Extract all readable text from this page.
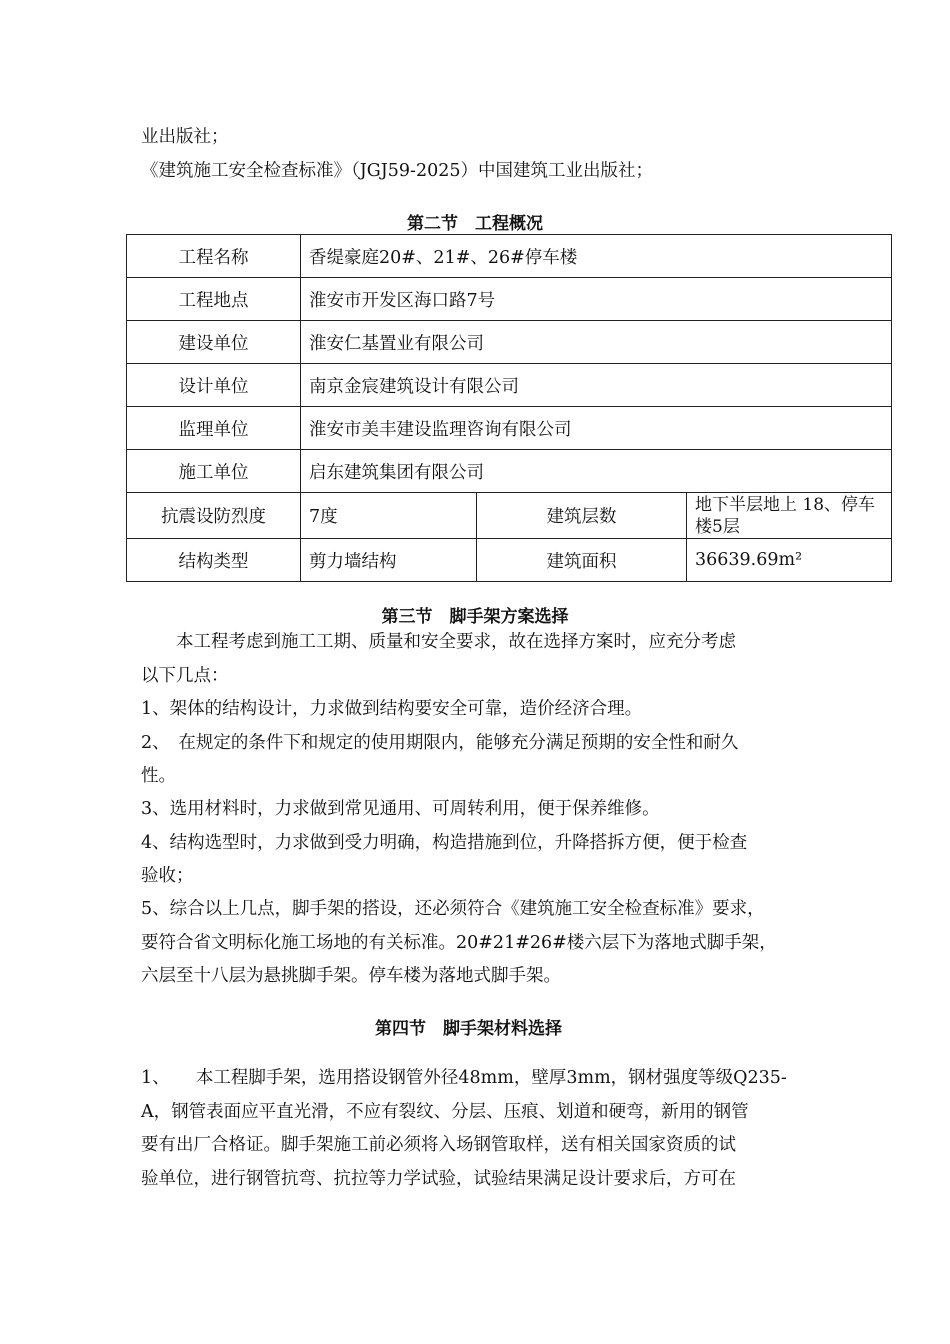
业出版社；
《建筑施工安全检查标准》（JGJ59-2025）中国建筑工业出版社；
第二节　工程概况
工程名称	香缇豪庭20#、21#、26#停车楼		
工程地点	淮安市开发区海口路7号		
建设单位	淮安仁基置业有限公司		
设计单位	南京金宸建筑设计有限公司		
监理单位	淮安市美丰建设监理咨询有限公司		
施工单位	启东建筑集团有限公司		
抗震设防烈度	7度	建筑层数	地下半层地上 18、停车楼5层
结构类型	剪力墙结构	建筑面积	36639.69m²
第三节　脚手架方案选择
　　本工程考虑到施工工期、质量和安全要求，故在选择方案时，应充分考虑
以下几点：
1、架体的结构设计，力求做到结构要安全可靠，造价经济合理。
2、　在规定的条件下和规定的使用期限内，能够充分满足预期的安全性和耐久
性。
3、选用材料时，力求做到常见通用、可周转利用，便于保养维修。
4、结构选型时，力求做到受力明确，构造措施到位，升降搭拆方便，便于检查
验收；
5、综合以上几点，脚手架的搭设，还必须符合《建筑施工安全检查标准》要求，
要符合省文明标化施工场地的有关标准。20#21#26#楼六层下为落地式脚手架，
六层至十八层为悬挑脚手架。停车楼为落地式脚手架。
第四节　脚手架材料选择
1、　　本工程脚手架，选用搭设钢管外径48mm，壁厚3mm，钢材强度等级Q235-
A，钢管表面应平直光滑，不应有裂纹、分层、压痕、划道和硬弯，新用的钢管
要有出厂合格证。脚手架施工前必须将入场钢管取样，送有相关国家资质的试
验单位，进行钢管抗弯、抗拉等力学试验，试验结果满足设计要求后，方可在
